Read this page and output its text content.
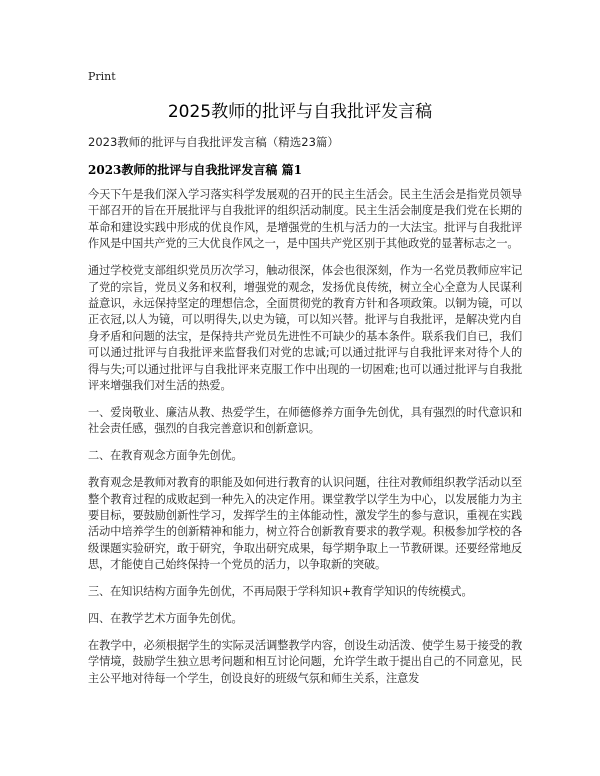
Print
2025教师的批评与自我批评发言稿
2023教师的批评与自我批评发言稿（精选23篇）
2023教师的批评与自我批评发言稿 篇1

今天下午是我们深入学习落实科学发展观的召开的民主生活会。民主生活会是指党员领导干部召开的旨在开展批评与自我批评的组织活动制度。民主生活会制度是我们党在长期的革命和建设实践中形成的优良作风，是增强党的生机与活力的一大法宝。批评与自我批评作风是中国共产党的三大优良作风之一，是中国共产党区别于其他政党的显著标志之一。

通过学校党支部组织党员历次学习，触动很深，体会也很深刻，作为一名党员教师应牢记了党的宗旨，党员义务和权利，增强党的观念，发扬优良传统，树立全心全意为人民谋利益意识，永远保持坚定的理想信念，全面贯彻党的教育方针和各项政策。以铜为镜，可以正衣冠,以人为镜，可以明得失,以史为镜，可以知兴替。批评与自我批评，是解决党内自身矛盾和问题的法宝，是保持共产党员先进性不可缺少的基本条件。联系我们自已，我们可以通过批评与自我批评来监督我们对党的忠诚;可以通过批评与自我批评来对待个人的得与失;可以通过批评与自我批评来克服工作中出现的一切困难;也可以通过批评与自我批评来增强我们对生活的热爱。

一、爱岗敬业、廉洁从教、热爱学生，在师德修养方面争先创优，具有强烈的时代意识和社会责任感，强烈的自我完善意识和创新意识。

二、在教育观念方面争先创优。

教育观念是教师对教育的职能及如何进行教育的认识问题，往往对教师组织教学活动以至整个教育过程的成败起到一种先入的决定作用。课堂教学以学生为中心，以发展能力为主要目标，要鼓励创新性学习，发挥学生的主体能动性，激发学生的参与意识，重视在实践活动中培养学生的创新精神和能力，树立符合创新教育要求的教学观。积极参加学校的各级课题实验研究，敢于研究，争取出研究成果，每学期争取上一节教研课。还要经常地反思，才能使自己始终保持一个党员的活力，以争取新的突破。

三、在知识结构方面争先创优，不再局限于学科知识+教育学知识的传统模式。

四、在教学艺术方面争先创优。

在教学中，必须根据学生的实际灵活调整教学内容，创设生动活泼、使学生易于接受的教学情境，鼓励学生独立思考问题和相互讨论问题，允许学生敢于提出自己的不同意见，民主公平地对待每一个学生，创设良好的班级气氛和师生关系，注意发
